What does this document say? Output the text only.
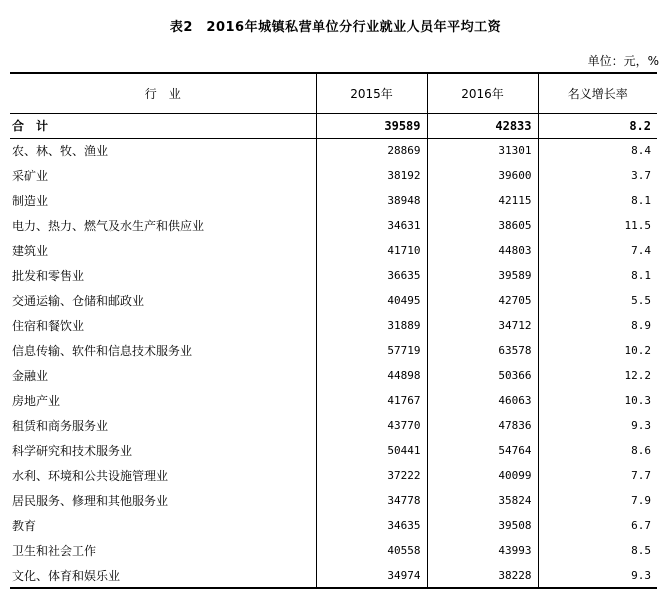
表2　2016年城镇私营单位分行业就业人员年平均工资
单位：元，%
行　业	2015年	2016年	名义增长率
合计	39589	42833	8.2
农、林、牧、渔业	28869	31301	8.4
采矿业	38192	39600	3.7
制造业	38948	42115	8.1
电力、热力、燃气及水生产和供应业	34631	38605	11.5
建筑业	41710	44803	7.4
批发和零售业	36635	39589	8.1
交通运输、仓储和邮政业	40495	42705	5.5
住宿和餐饮业	31889	34712	8.9
信息传输、软件和信息技术服务业	57719	63578	10.2
金融业	44898	50366	12.2
房地产业	41767	46063	10.3
租赁和商务服务业	43770	47836	9.3
科学研究和技术服务业	50441	54764	8.6
水利、环境和公共设施管理业	37222	40099	7.7
居民服务、修理和其他服务业	34778	35824	7.9
教育	34635	39508	6.7
卫生和社会工作	40558	43993	8.5
文化、体育和娱乐业	34974	38228	9.3
